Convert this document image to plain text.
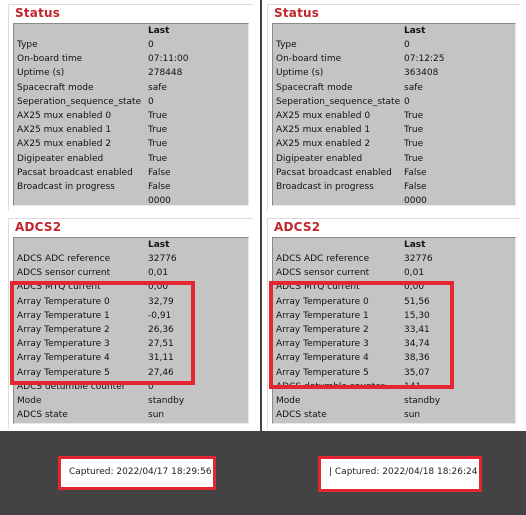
Status
Last
Type	0
On-board time	07:11:00
Uptime (s)	278448
Spacecraft mode	safe
Seperation_sequence_state 0
AX25 mux enabled 0	True
AX25 mux enabled 1	True
AX25 mux enabled 2	True
Digipeater enabled	True
Pacsat broadcast enabled False
Broadcast in progress	False
0000
ADCS2
Last
ADCS ADC reference	32776
ADCS sensor current	0,01
ADCS MTQ current	0,00
Array Temperature 0	32,79
Array Temperature 1	-0,91
Array Temperature 2	26,36
Array Temperature 3	27,51
Array Temperature 4	31,11
Array Temperature 5	27,46
ADCS detumble counter	0
Mode	standby
ADCS state	sun
Status
Last
Type	0
On-board time	07:12:25
Uptime (s)	363408
Spacecraft mode	safe
Seperation_sequence_state 0
AX25 mux enabled 0	True
AX25 mux enabled 1	True
AX25 mux enabled 2	True
Digipeater enabled	True
Pacsat broadcast enabled False
Broadcast in progress	False
0000
ADCS2
Last
ADCS ADC reference	32776
ADCS sensor current	0,01
ADCS MTQ current	0,00
Array Temperature 0	51,56
Array Temperature 1	15,30
Array Temperature 2	33,41
Array Temperature 3	34,74
Array Temperature 4	38,36
Array Temperature 5	35,07
ADCS detumble counter 141
Mode	standby
ADCS state	sun
Captured: 2022/04/17 18:29:56	| Captured: 2022/04/18 18:26:24
